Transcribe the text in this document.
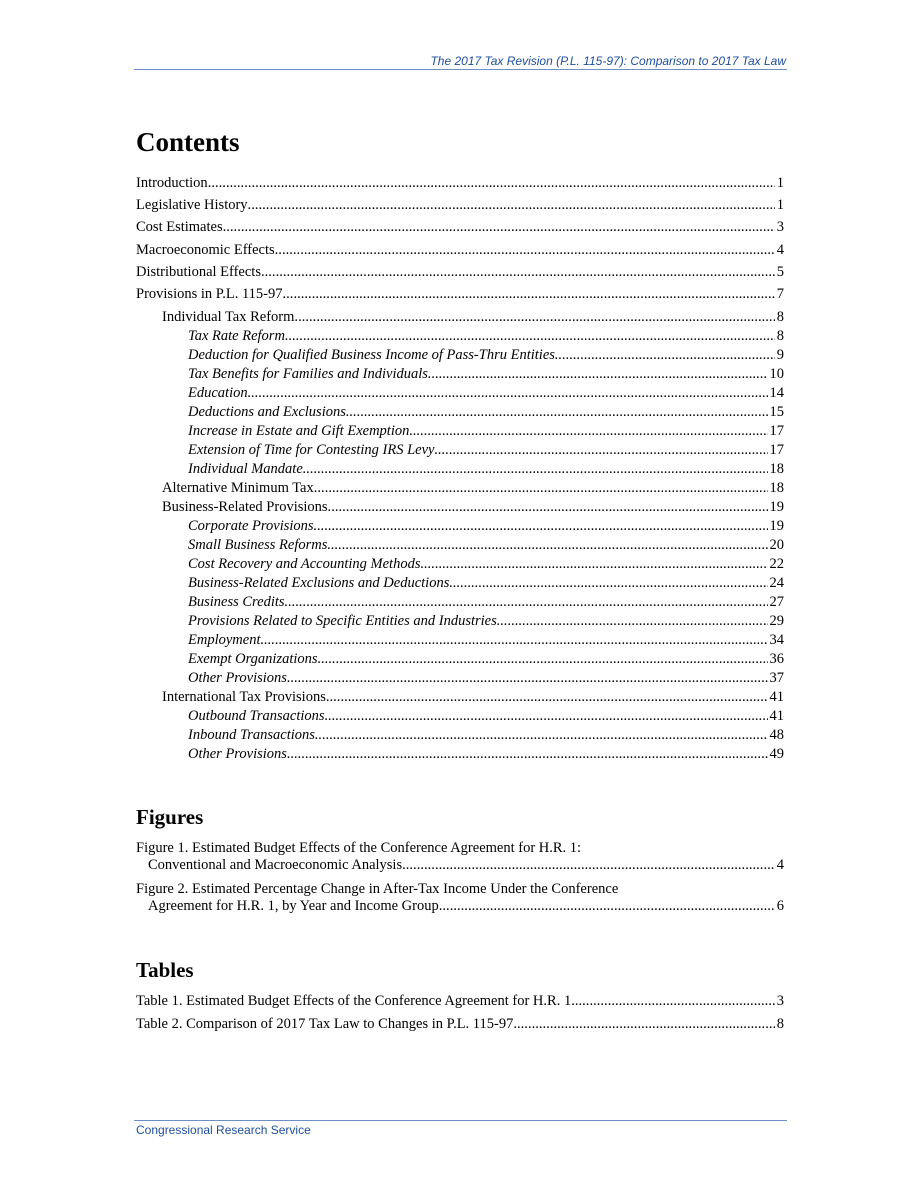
The 2017 Tax Revision (P.L. 115-97): Comparison to 2017 Tax Law
Contents
Introduction . . .	1
Legislative History . . .	1
Cost Estimates . . .	3
Macroeconomic Effects . . .	4
Distributional Effects . . .	5
Provisions in P.L. 115-97 . . .	7
Individual Tax Reform . . .	8
Tax Rate Reform . . .	8
Deduction for Qualified Business Income of Pass-Thru Entities . . .	9
Tax Benefits for Families and Individuals . . .	10
Education . . .	14
Deductions and Exclusions . . .	15
Increase in Estate and Gift Exemption . . .	17
Extension of Time for Contesting IRS Levy . . .	17
Individual Mandate . . .	18
Alternative Minimum Tax . . .	18
Business-Related Provisions . . .	19
Corporate Provisions . . .	19
Small Business Reforms . . .	20
Cost Recovery and Accounting Methods . . .	22
Business-Related Exclusions and Deductions . . .	24
Business Credits . . .	27
Provisions Related to Specific Entities and Industries . . .	29
Employment . . .	34
Exempt Organizations . . .	36
Other Provisions . . .	37
International Tax Provisions . . .	41
Outbound Transactions . . .	41
Inbound Transactions . . .	48
Other Provisions . . .	49
Figures
Figure 1. Estimated Budget Effects of the Conference Agreement for H.R. 1:
Conventional and Macroeconomic Analysis . . .	4
Figure 2. Estimated Percentage Change in After-Tax Income Under the Conference
Agreement for H.R. 1, by Year and Income Group . . .	6
Tables
Table 1. Estimated Budget Effects of the Conference Agreement for H.R. 1 . . .	3
Table 2. Comparison of 2017 Tax Law to Changes in P.L. 115-97 . . .	8
Congressional Research Service
